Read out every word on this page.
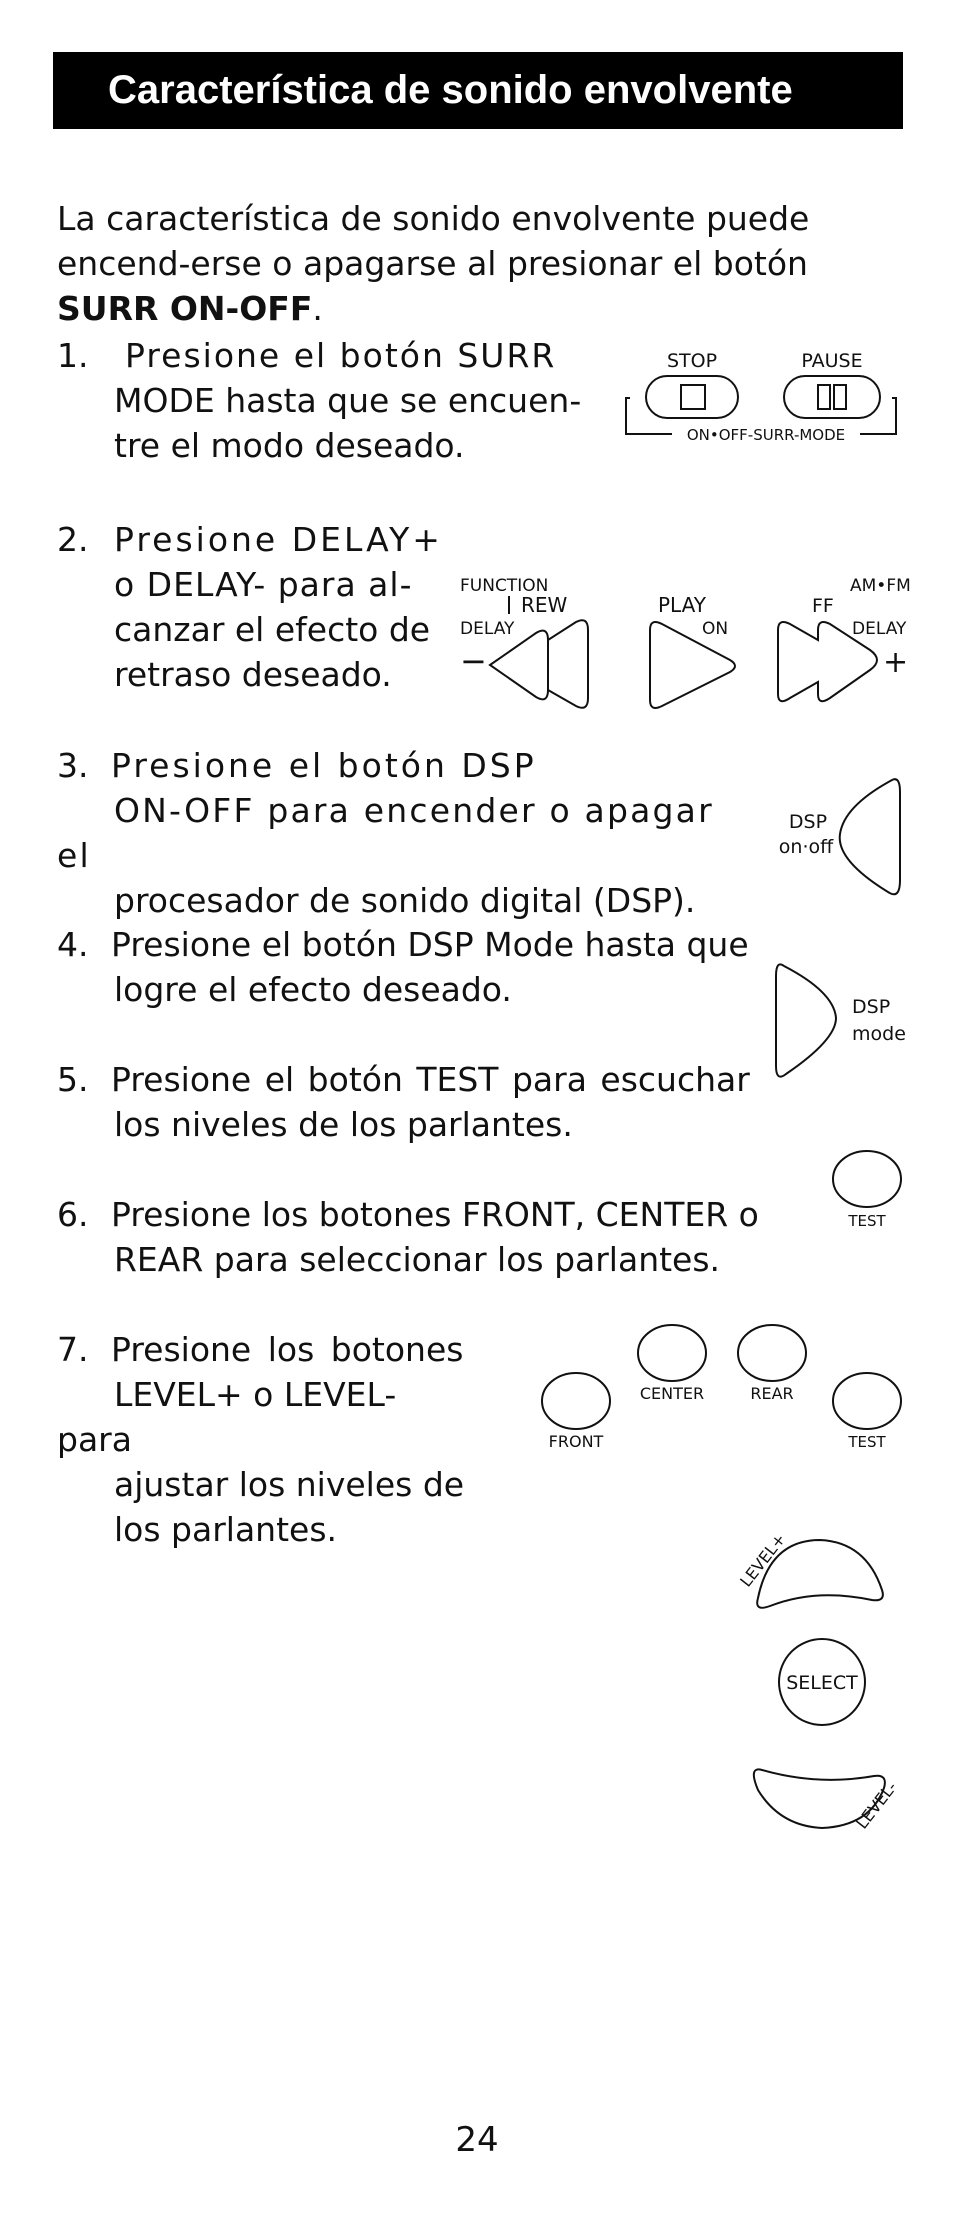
Característica de sonido envolvente

La característica de sonido envolvente puede encend-erse o apagarse al presionar el botón SURR ON-OFF.

1. Presione el botón SURR
MODE hasta que se encuen-
tre el modo deseado.

2. Presione DELAY+
o DELAY- para al-
canzar el efecto de
retraso deseado.

3. Presione el botón DSP
ON-OFF para encender o apagar el
procesador de sonido digital (DSP).

4. Presione el botón DSP Mode hasta que
logre el efecto deseado.

5. Presione el botón TEST para escuchar
los niveles de los parlantes.

6. Presione los botones FRONT, CENTER o
REAR para seleccionar los parlantes.

7. Presione los botones
LEVEL+ o LEVEL- para
ajustar los niveles de
los parlantes.

STOP	PAUSE
ON•OFF-SURR-MODE
FUNCTION
REW
DELAY
−
PLAY
ON
AM•FM
FF
DELAY
+
DSP
on·off
DSP
mode
TEST
CENTER	REAR
FRONT	TEST
LEVEL+
SELECT
LEVEL-
24
